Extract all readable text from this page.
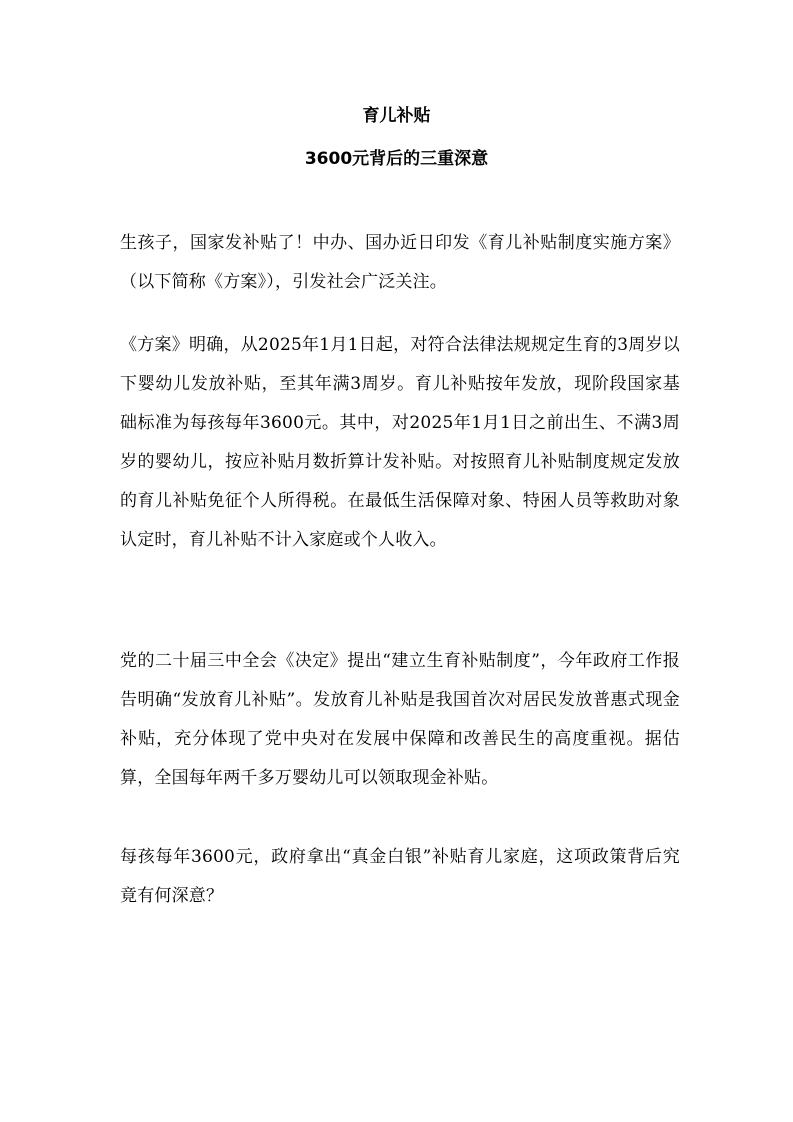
育儿补贴
3600元背后的三重深意

生孩子，国家发补贴了！中办、国办近日印发《育儿补贴制度实施方案》（以下简称《方案》），引发社会广泛关注。

《方案》明确，从2025年1月1日起，对符合法律法规规定生育的3周岁以下婴幼儿发放补贴，至其年满3周岁。育儿补贴按年发放，现阶段国家基础标准为每孩每年3600元。其中，对2025年1月1日之前出生、不满3周岁的婴幼儿，按应补贴月数折算计发补贴。对按照育儿补贴制度规定发放的育儿补贴免征个人所得税。在最低生活保障对象、特困人员等救助对象认定时，育儿补贴不计入家庭或个人收入。

党的二十届三中全会《决定》提出“建立生育补贴制度”，今年政府工作报告明确“发放育儿补贴”。发放育儿补贴是我国首次对居民发放普惠式现金补贴，充分体现了党中央对在发展中保障和改善民生的高度重视。据估算，全国每年两千多万婴幼儿可以领取现金补贴。

每孩每年3600元，政府拿出“真金白银”补贴育儿家庭，这项政策背后究竟有何深意？
